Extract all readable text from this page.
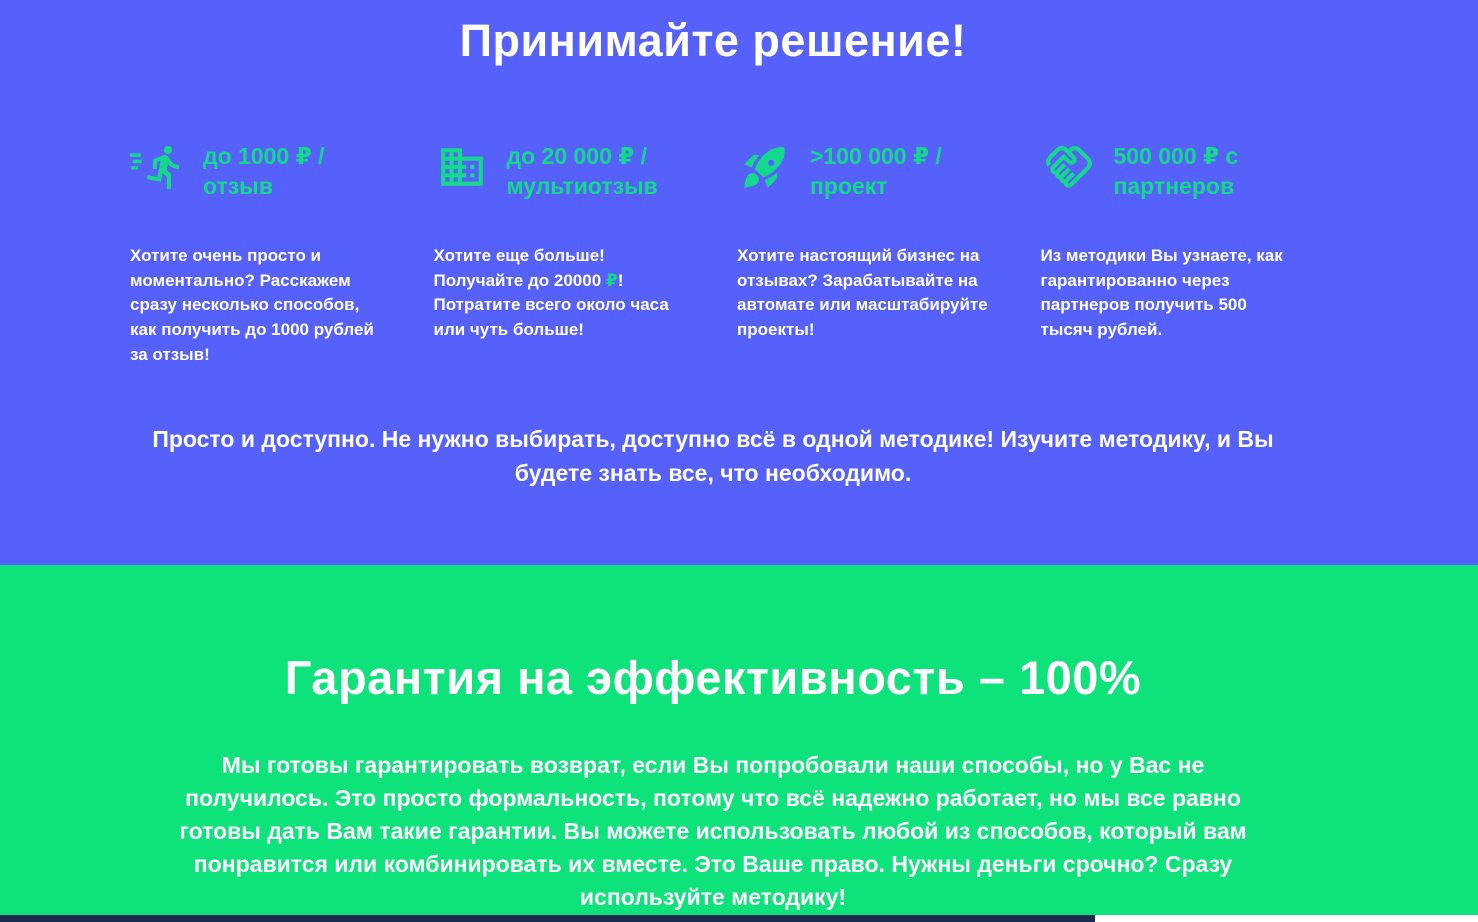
Принимайте решение!
до 1000 ₽ /
отзыв

Хотите очень просто и моментально? Расскажем сразу несколько способов, как получить до 1000 рублей за отзыв!

до 20 000 ₽ /
мультиотзыв

Хотите еще больше! Получайте до 20000 ₽! Потратите всего около часа или чуть больше!

>100 000 ₽ /
проект

Хотите настоящий бизнес на отзывах? Зарабатывайте на автомате или масштабируйте проекты!

500 000 ₽ с
партнеров

Из методики Вы узнаете, как гарантированно через партнеров получить 500 тысяч рублей.

Просто и доступно. Не нужно выбирать, доступно всё в одной методике! Изучите методику, и Вы будете знать все, что необходимо.

Гарантия на эффективность – 100%

Мы готовы гарантировать возврат, если Вы попробовали наши способы, но у Вас не получилось. Это просто формальность, потому что всё надежно работает, но мы все равно готовы дать Вам такие гарантии. Вы можете использовать любой из способов, который вам понравится или комбинировать их вместе. Это Ваше право. Нужны деньги срочно? Сразу используйте методику!
